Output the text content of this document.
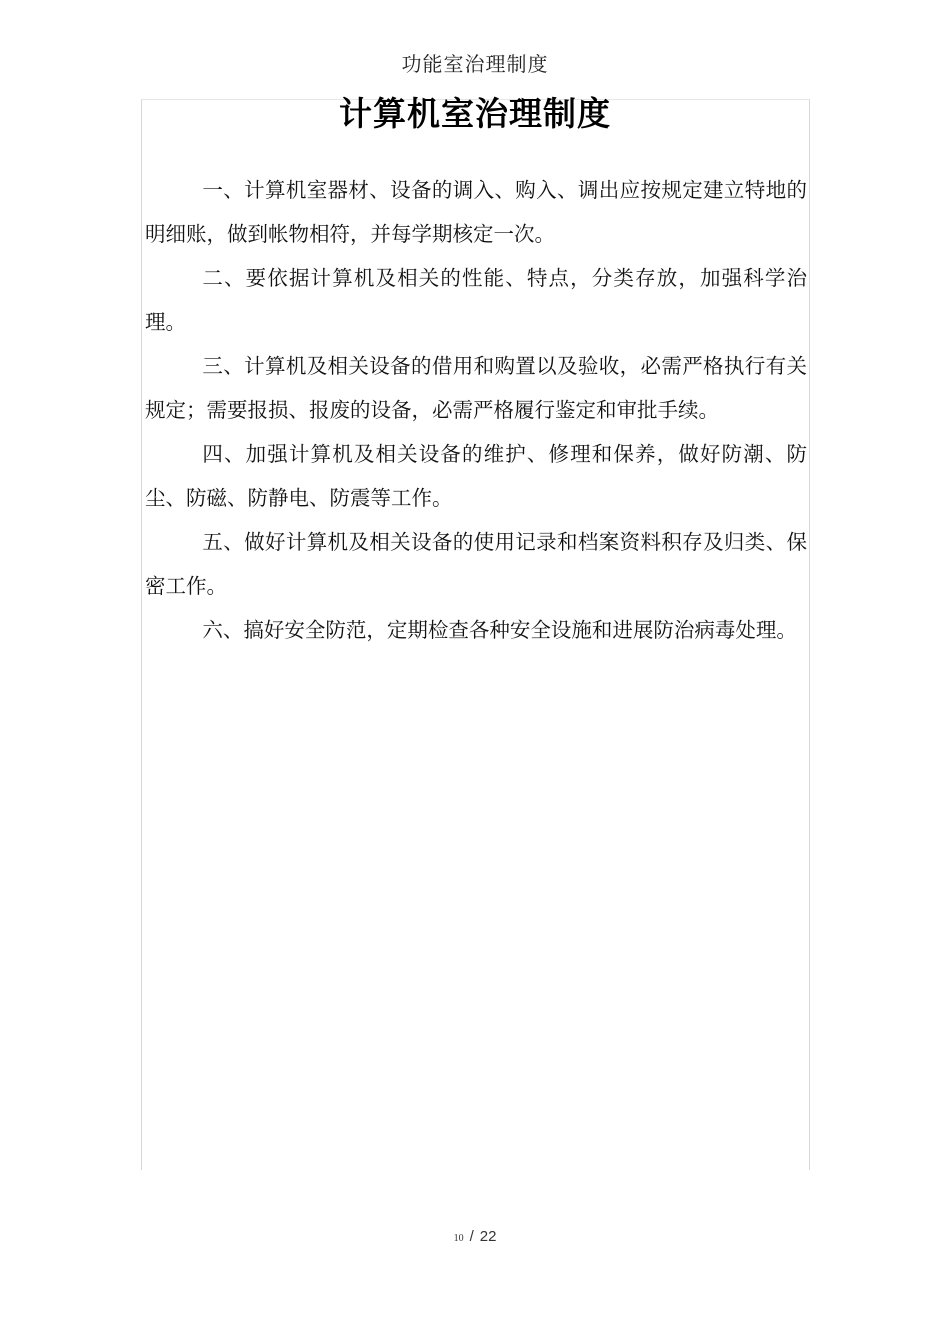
功能室治理制度
计算机室治理制度

一、计算机室器材、设备的调入、购入、调出应按规定建立特地的明细账，做到帐物相符，并每学期核定一次。

二、要依据计算机及相关的性能、特点，分类存放，加强科学治理。

三、计算机及相关设备的借用和购置以及验收，必需严格执行有关规定；需要报损、报废的设备，必需严格履行鉴定和审批手续。

四、加强计算机及相关设备的维护、修理和保养，做好防潮、防尘、防磁、防静电、防震等工作。

五、做好计算机及相关设备的使用记录和档案资料积存及归类、保密工作。

六、搞好安全防范，定期检查各种安全设施和进展防治病毒处理。

10 / 22
